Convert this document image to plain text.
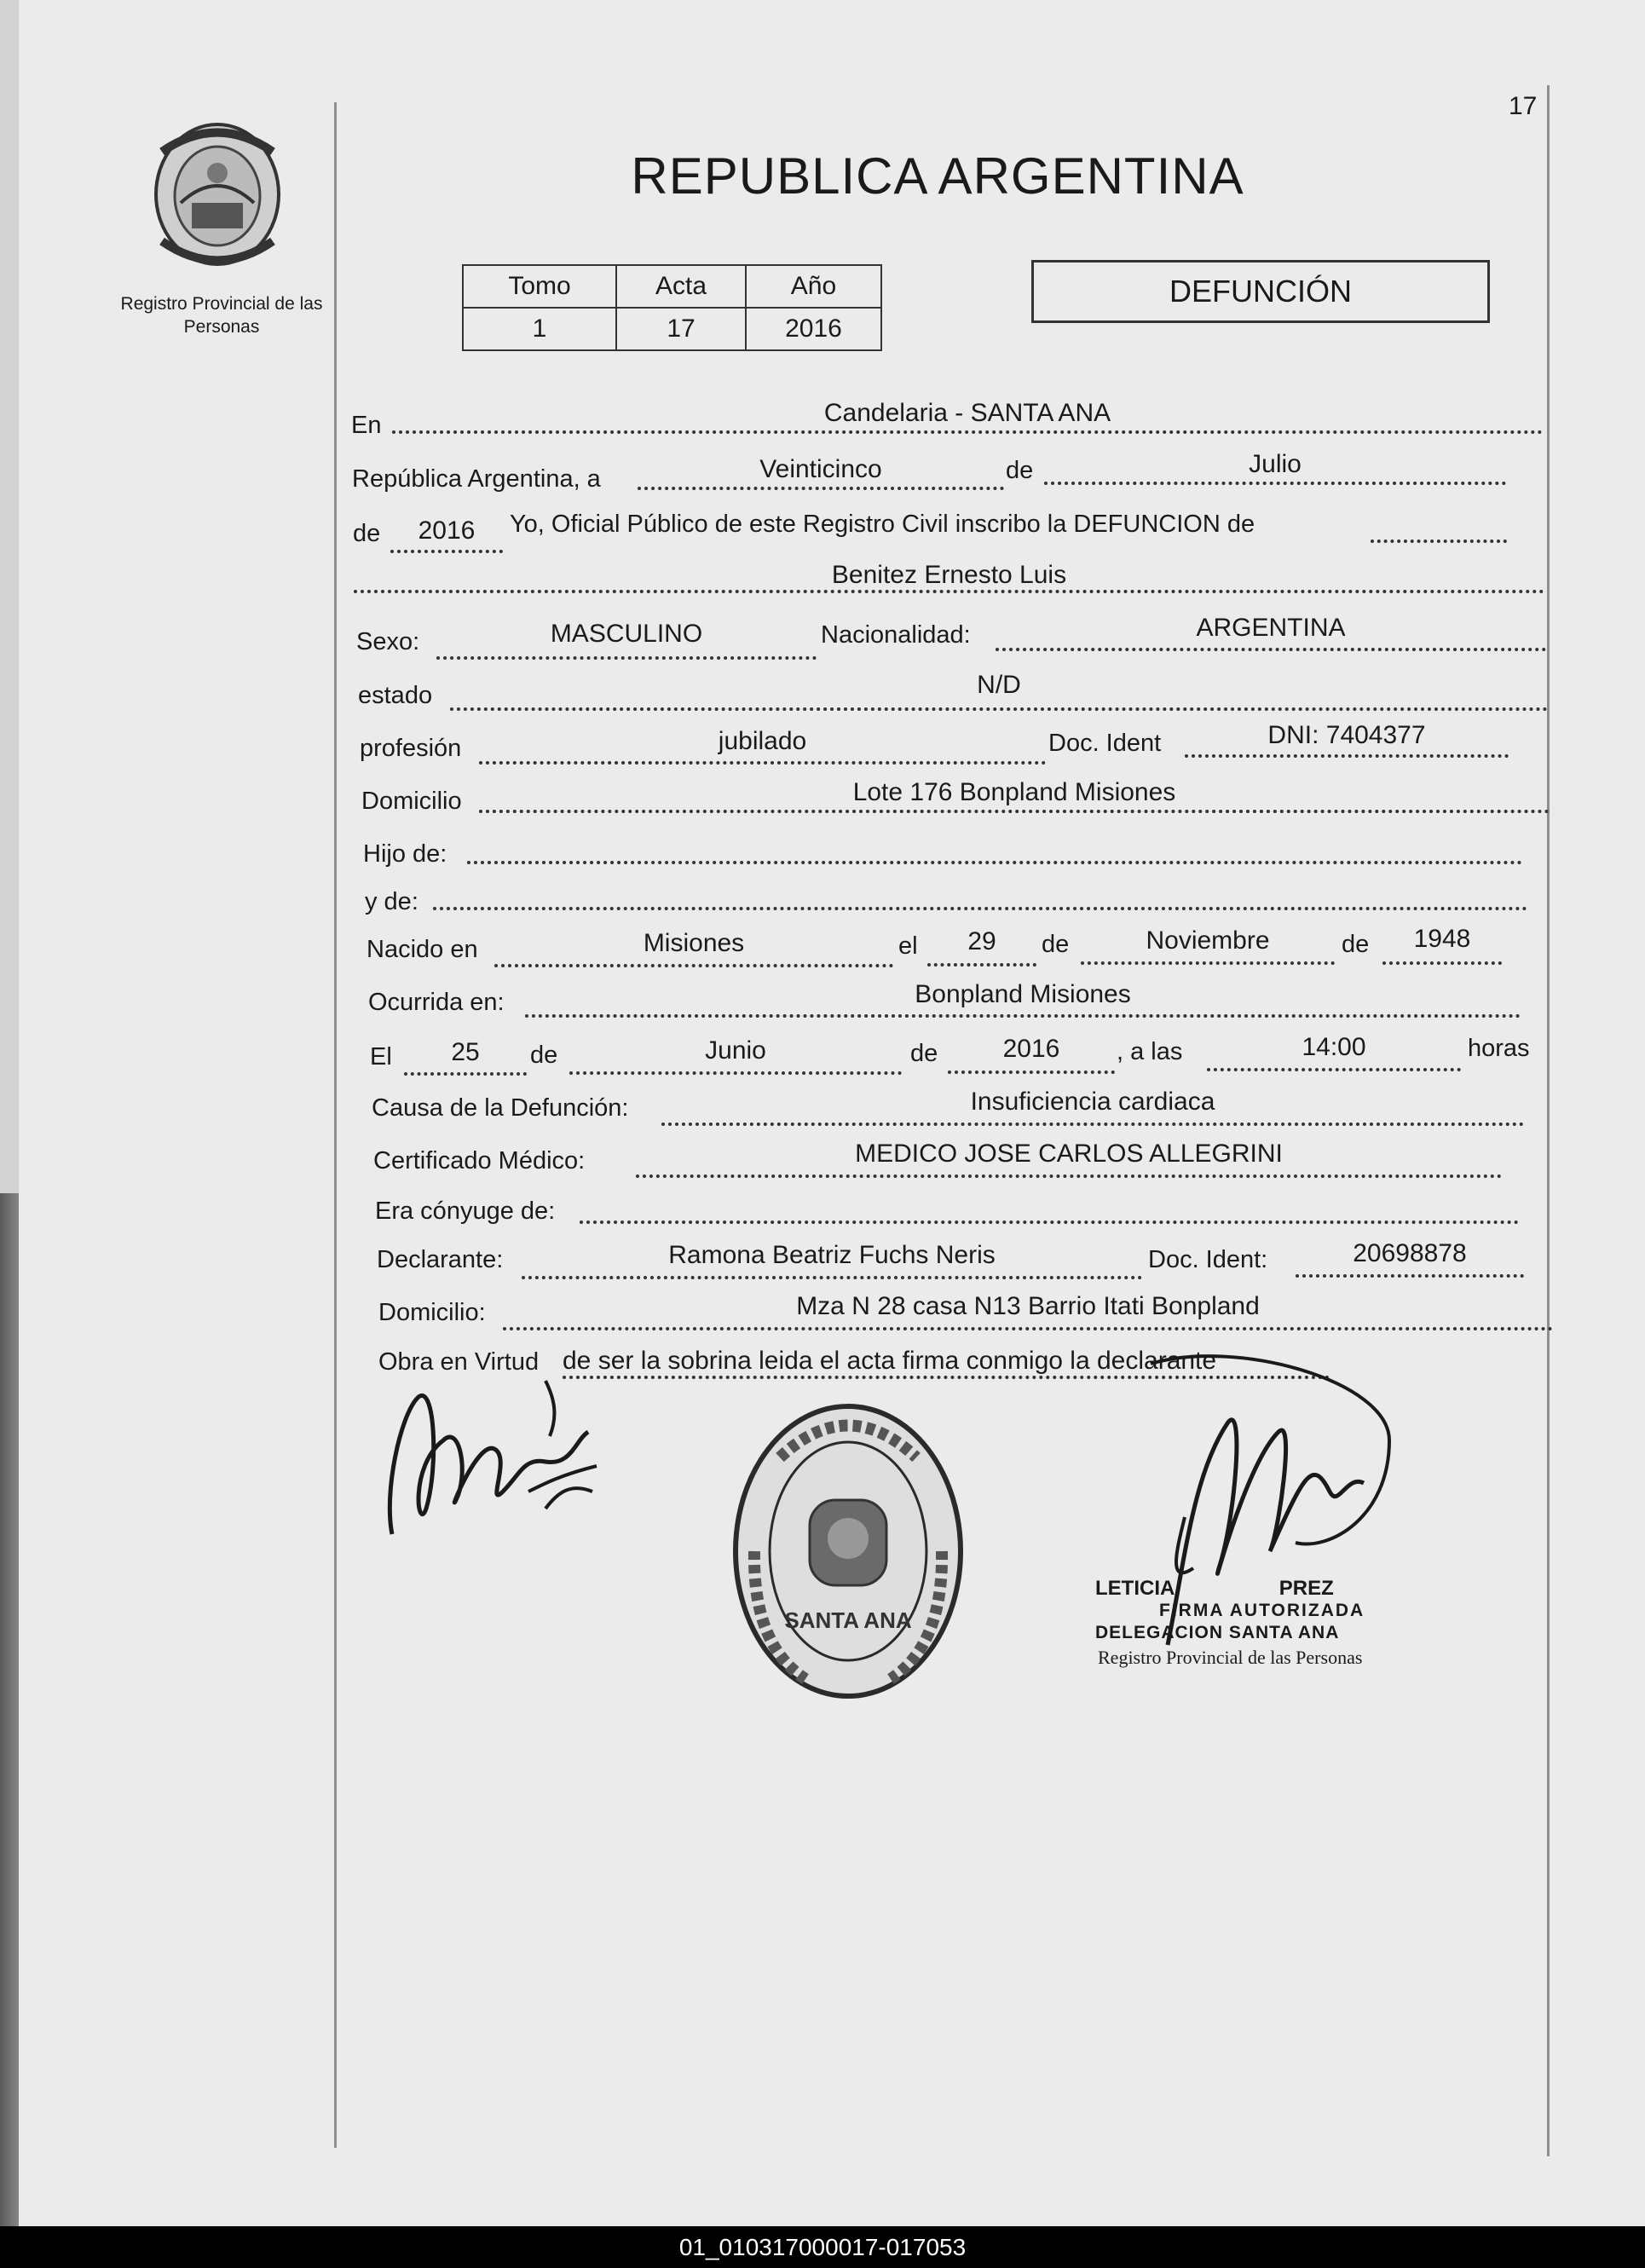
17
Registro Provincial de las Personas
REPUBLICA ARGENTINA
Tomo	Acta	Año
1	17	2016
DEFUNCIÓN
En	Candelaria - SANTA ANA
República Argentina, a	Veinticinco	de	Julio
de	2016	Yo, Oficial Público de este Registro Civil inscribo la DEFUNCION de
Benitez Ernesto Luis
Sexo:	MASCULINO	Nacionalidad:	ARGENTINA
estado	N/D
profesión	jubilado	Doc. Ident	DNI: 7404377
Domicilio	Lote 176 Bonpland Misiones
Hijo de:
y de:
Nacido en	Misiones	el	29	de	Noviembre	de	1948
Ocurrida en:	Bonpland Misiones
El	25	de	Junio	de	2016	, a las	14:00	horas
Causa de la Defunción:	Insuficiencia cardiaca
Certificado Médico:	MEDICO JOSE CARLOS ALLEGRINI
Era cónyuge de:
Declarante:	Ramona Beatriz Fuchs Neris	Doc. Ident:	20698878
Domicilio:	Mza N 28 casa N13 Barrio Itati Bonpland
Obra en Virtud de ser la sobrina leida el acta firma conmigo la declarante
SANTA ANA
LETICIA	PREZ
FIRMA AUTORIZADA
DELEGACION SANTA ANA
Registro Provincial de las Personas
01_010317000017-017053
